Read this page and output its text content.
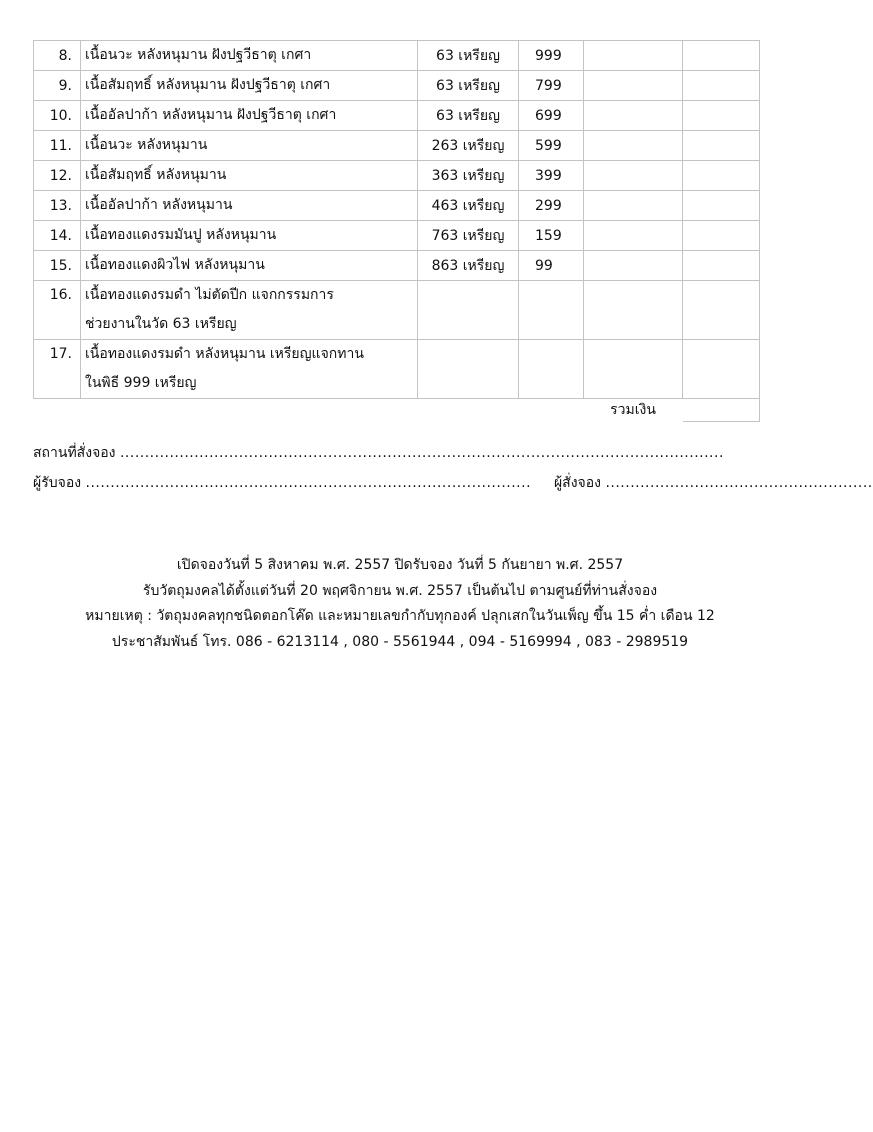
8.	เนื้อนวะ หลังหนุมาน ฝังปฐวีธาตุ เกศา	63 เหรียญ	999		
9.	เนื้อสัมฤทธิ์ หลังหนุมาน ฝังปฐวีธาตุ เกศา	63 เหรียญ	799		
10.	เนื้ออัลปาก้า หลังหนุมาน ฝังปฐวีธาตุ เกศา	63 เหรียญ	699		
11.	เนื้อนวะ หลังหนุมาน	263 เหรียญ	599		
12.	เนื้อสัมฤทธิ์ หลังหนุมาน	363 เหรียญ	399		
13.	เนื้ออัลปาก้า หลังหนุมาน	463 เหรียญ	299		
14.	เนื้อทองแดงรมมันปู หลังหนุมาน	763 เหรียญ	159		
15.	เนื้อทองแดงผิวไฟ หลังหนุมาน	863 เหรียญ	99		
16.	เนื้อทองแดงรมดำ ไม่ตัดปีก แจกกรรมการ
ช่วยงานในวัด 63 เหรียญ				

17.	เนื้อทองแดงรมดำ หลังหนุมาน เหรียญแจกทาน
ในพิธี 999 เหรียญ				

				รวมเงิน	
สถานที่สั่งจอง ..........................................................................................................................
ผู้รับจอง .......................................................................................... ผู้สั่งจอง ......................................................
เปิดจองวันที่ 5 สิงหาคม พ.ศ. 2557 ปิดรับจอง วันที่ 5 กันยายา พ.ศ. 2557
รับวัตถุมงคลได้ตั้งแต่วันที่ 20 พฤศจิกายน พ.ศ. 2557 เป็นต้นไป ตามศูนย์ที่ท่านสั่งจอง
หมายเหตุ : วัตถุมงคลทุกชนิดตอกโค๊ด และหมายเลขกำกับทุกองค์ ปลุกเสกในวันเพ็ญ ขึ้น 15 ค่ำ เดือน 12
ประชาสัมพันธ์ โทร. 086 - 6213114 , 080 - 5561944 , 094 - 5169994 , 083 - 2989519
